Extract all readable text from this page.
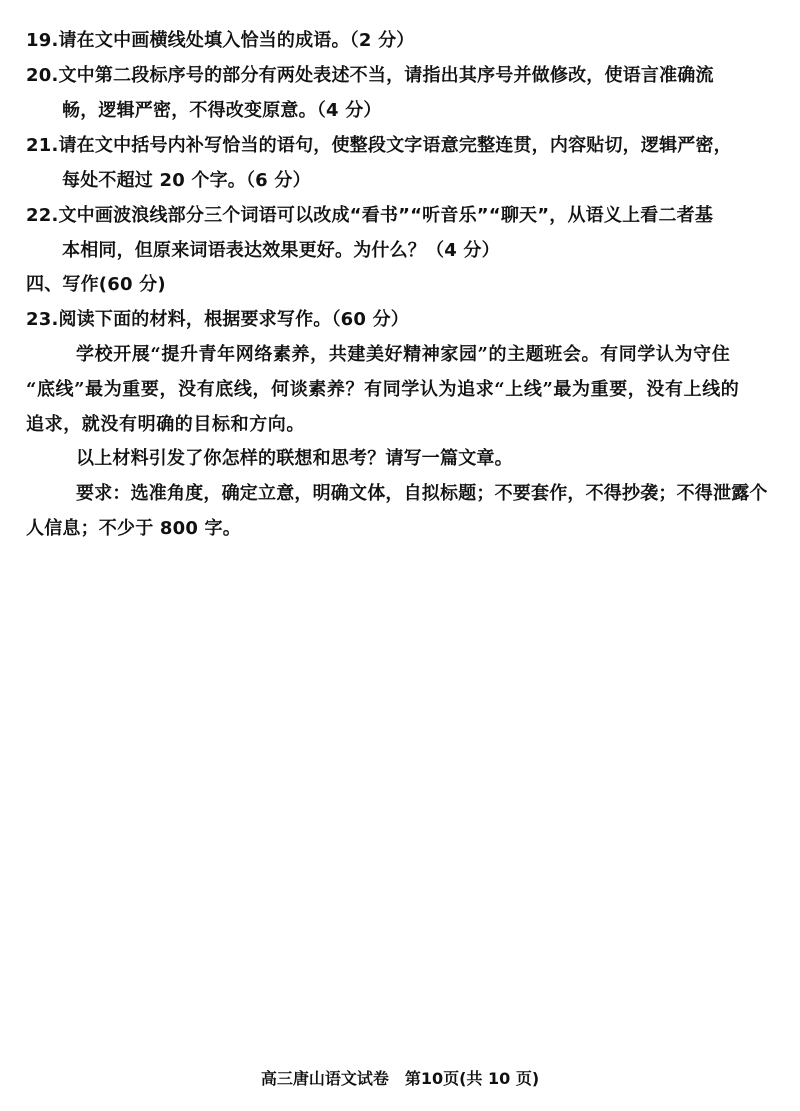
19.请在文中画横线处填入恰当的成语。（2 分）
20.文中第二段标序号的部分有两处表述不当，请指出其序号并做修改，使语言准确流
畅，逻辑严密，不得改变原意。（4 分）
21.请在文中括号内补写恰当的语句，使整段文字语意完整连贯，内容贴切，逻辑严密，
每处不超过 20 个字。（6 分）
22.文中画波浪线部分三个词语可以改成“看书”“听音乐”“聊天”，从语义上看二者基
本相同，但原来词语表达效果更好。为什么？（4 分）
四、写作(60 分)
23.阅读下面的材料，根据要求写作。（60 分）
学校开展“提升青年网络素养，共建美好精神家园”的主题班会。有同学认为守住
“底线”最为重要，没有底线，何谈素养？有同学认为追求“上线”最为重要，没有上线的
追求，就没有明确的目标和方向。
以上材料引发了你怎样的联想和思考？请写一篇文章。
要求：选准角度，确定立意，明确文体，自拟标题；不要套作，不得抄袭；不得泄露个
人信息；不少于 800 字。
高三唐山语文试卷　第10页(共 10 页)
